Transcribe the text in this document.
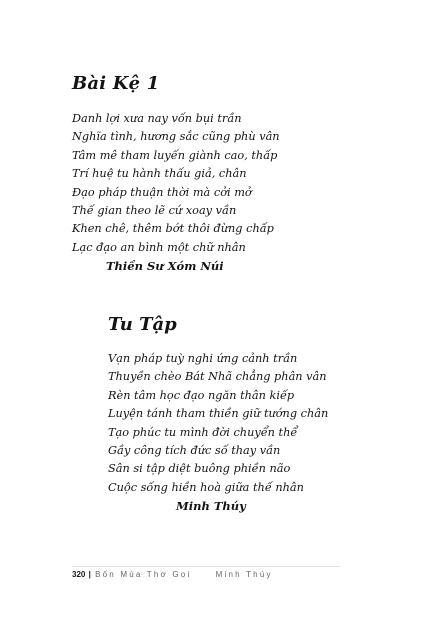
Bài Kệ 1
Danh lợi xưa nay vốn bụi trần
Nghĩa tình, hương sắc cũng phù vân
Tâm mê tham luyến giành cao, thấp
Trí huệ tu hành thấu giả, chân
Đạo pháp thuận thời mà cởi mở
Thế gian theo lẽ cứ xoay vần
Khen chê, thêm bớt thôi đừng chấp
Lạc đạo an bình một chữ nhân
Thiền Sư Xóm Núi
Tu Tập
Vạn pháp tuỳ nghi ứng cảnh trần
Thuyền chèo Bát Nhã chẳng phân vân
Rèn tâm học đạo ngăn thân kiếp
Luyện tánh tham thiền giữ tướng chân
Tạo phúc tu mình đời chuyển thể
Gầy công tích đức số thay vần
Sân si tập diệt buông phiền não
Cuộc sống hiền hoà giữa thế nhân
Minh Thúy
320 | Bốn Mùa Thơ Gọi	Minh Thúy
